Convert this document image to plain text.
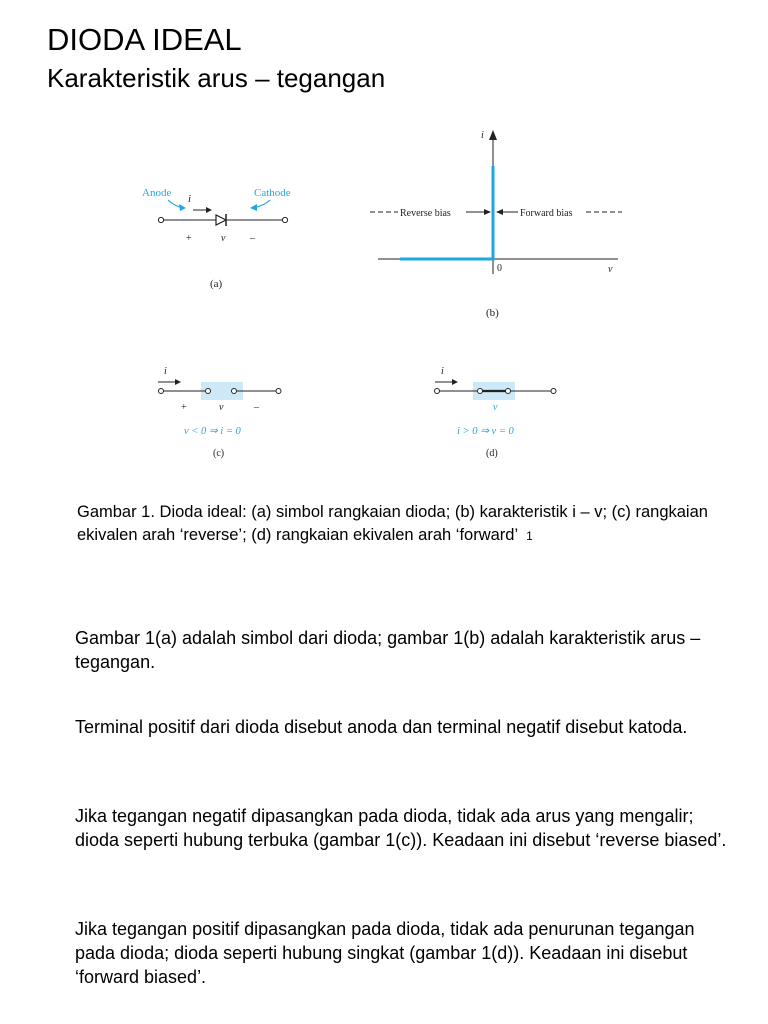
DIODA IDEAL
Karakteristik arus – tegangan
Anode	Cathode
i
+	v –
(a)
i
v
0
Reverse bias	Forward bias
(b)
i
+	v	–
v < 0 ⇒ i = 0
(c)
i
v
i > 0 ⇒ v = 0
(d)
Gambar 1. Dioda ideal: (a) simbol rangkaian dioda; (b) karakteristik i – v; (c) rangkaian ekivalen arah ‘reverse’; (d) rangkaian ekivalen arah ‘forward’ 1
Gambar 1(a) adalah simbol dari dioda; gambar 1(b) adalah karakteristik arus – tegangan.
Terminal positif dari dioda disebut anoda dan terminal negatif disebut katoda.
Jika tegangan negatif dipasangkan pada dioda, tidak ada arus yang mengalir; dioda seperti hubung terbuka (gambar 1(c)). Keadaan ini disebut ‘reverse biased’.
Jika tegangan positif dipasangkan pada dioda, tidak ada penurunan tegangan pada dioda; dioda seperti hubung singkat (gambar 1(d)). Keadaan ini disebut ‘forward biased’.
